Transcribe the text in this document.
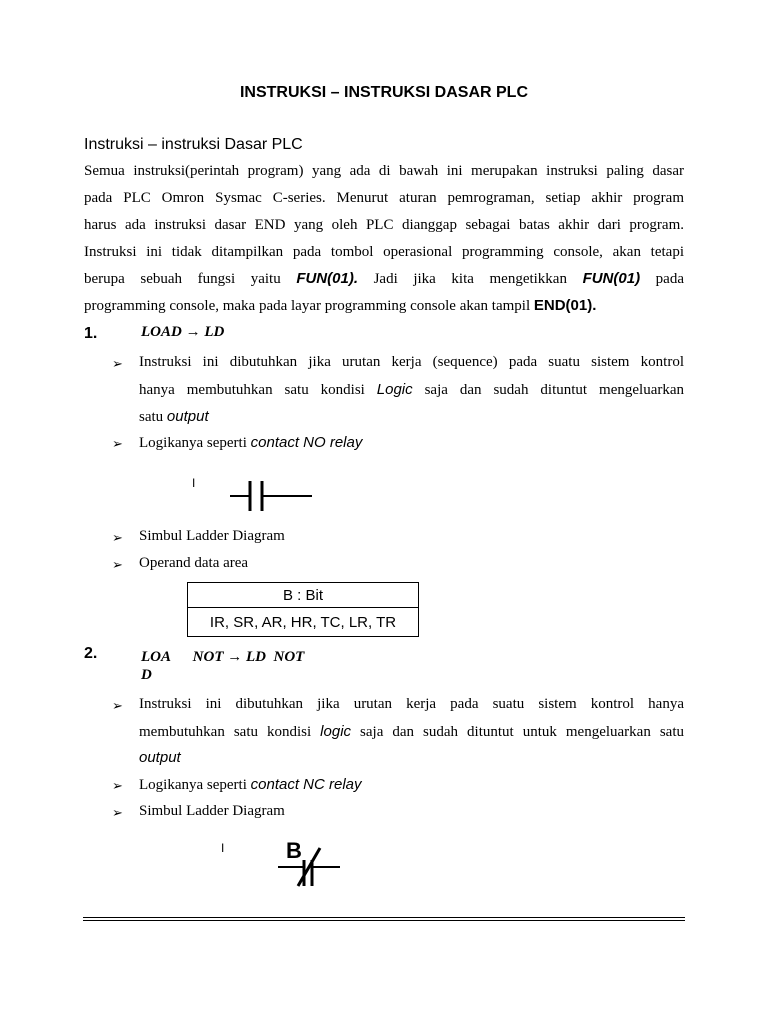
INSTRUKSI – INSTRUKSI DASAR PLC
Instruksi – instruksi Dasar PLC
Semua instruksi(perintah program) yang ada di bawah ini merupakan instruksi paling dasar
pada PLC Omron Sysmac C-series. Menurut aturan pemrograman, setiap akhir program
harus ada instruksi dasar END yang oleh PLC dianggap sebagai batas akhir dari program.
Instruksi ini tidak ditampilkan pada tombol operasional programming console, akan tetapi
berupa sebuah fungsi yaitu FUN(01). Jadi jika kita mengetikkan FUN(01) pada
programming console, maka pada layar programming console akan tampil END(01).
1.	LOAD → LD
➢ Instruksi ini dibutuhkan jika urutan kerja (sequence) pada suatu sistem kontrol
hanya membutuhkan satu kondisi Logic saja dan sudah dituntut mengeluarkan
satu output
➢ Logikanya seperti contact NO relay
I
➢ Simbul Ladder Diagram
➢ Operand data area
B : Bit
IR, SR, AR, HR, TC, LR, TR
2.	LOA      NOT → LD  NOT
D
➢ Instruksi ini dibutuhkan jika urutan kerja pada suatu sistem kontrol hanya
membutuhkan satu kondisi logic saja dan sudah dituntut untuk mengeluarkan satu
output
➢ Logikanya seperti contact NC relay
➢ Simbul Ladder Diagram
I	B
